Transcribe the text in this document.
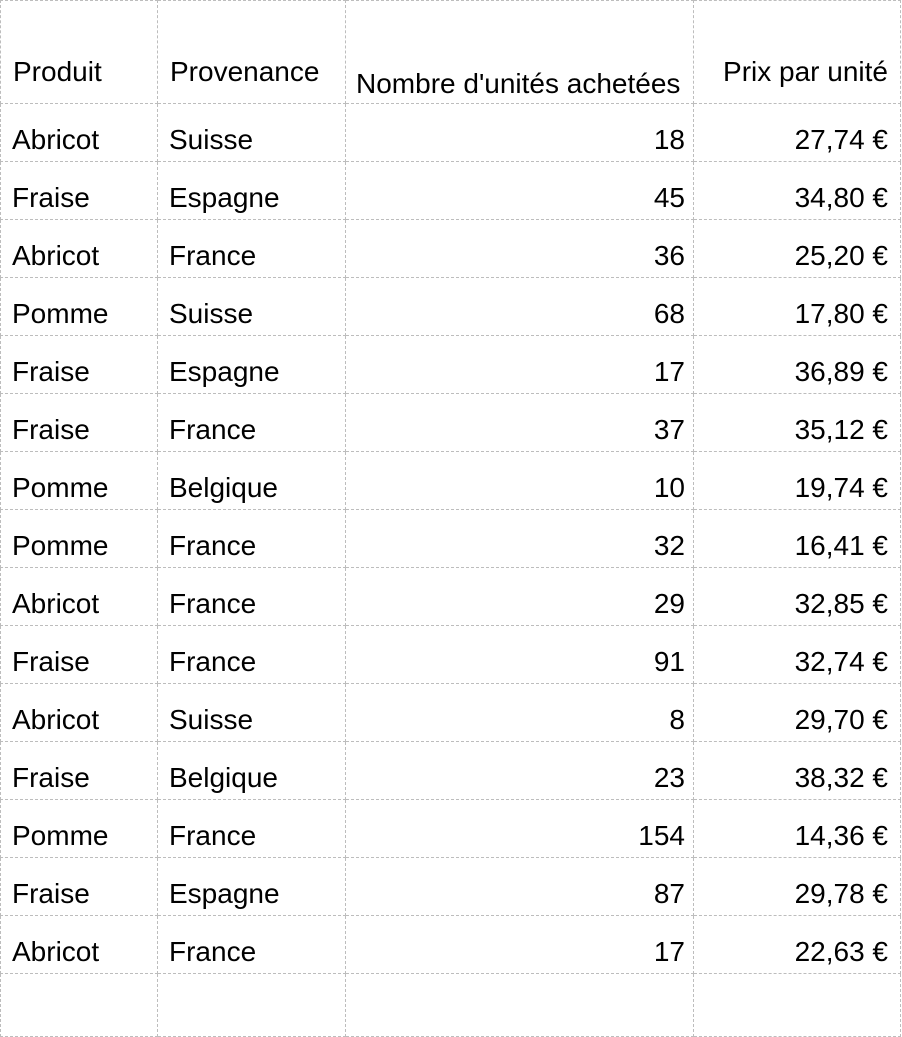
Produit	Provenance	Nombre d'unités achetées	Prix par unité
Abricot	Suisse	18	27,74 €
Fraise	Espagne	45	34,80 €
Abricot	France	36	25,20 €
Pomme	Suisse	68	17,80 €
Fraise	Espagne	17	36,89 €
Fraise	France	37	35,12 €
Pomme	Belgique	10	19,74 €
Pomme	France	32	16,41 €
Abricot	France	29	32,85 €
Fraise	France	91	32,74 €
Abricot	Suisse	8	29,70 €
Fraise	Belgique	23	38,32 €
Pomme	France	154	14,36 €
Fraise	Espagne	87	29,78 €
Abricot	France	17	22,63 €
